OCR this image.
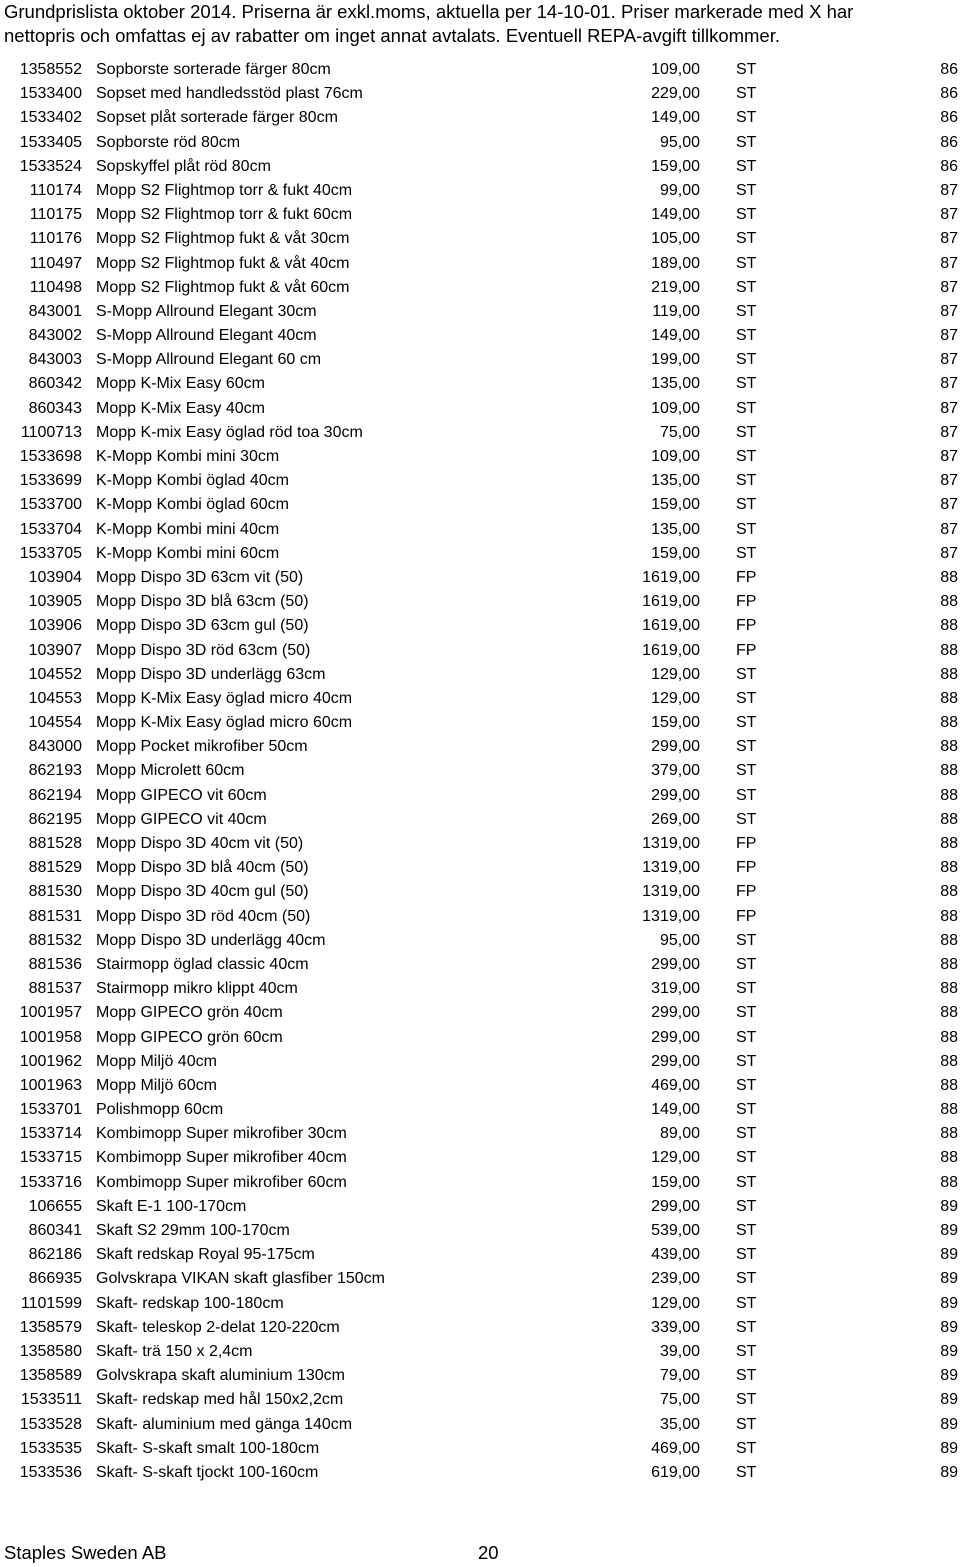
Grundprislista oktober 2014. Priserna är exkl.moms, aktuella per 14-10-01. Priser markerade med X har
nettopris och omfattas ej av rabatter om inget annat avtalats. Eventuell REPA-avgift tillkommer.
1358552 Sopborste sorterade färger 80cm	109,00 ST	86
1533400 Sopset med handledsstöd plast 76cm	229,00 ST	86
1533402 Sopset plåt sorterade färger 80cm	149,00 ST	86
1533405 Sopborste röd 80cm	95,00 ST	86
1533524 Sopskyffel plåt röd 80cm	159,00 ST	86
110174 Mopp S2 Flightmop torr & fukt 40cm	99,00 ST	87
110175 Mopp S2 Flightmop torr & fukt 60cm	149,00 ST	87
110176 Mopp S2 Flightmop fukt & våt 30cm	105,00 ST	87
110497 Mopp S2 Flightmop fukt & våt 40cm	189,00 ST	87
110498 Mopp S2 Flightmop fukt & våt 60cm	219,00 ST	87
843001 S-Mopp Allround Elegant 30cm	119,00 ST	87
843002 S-Mopp Allround Elegant 40cm	149,00 ST	87
843003 S-Mopp Allround Elegant 60 cm	199,00 ST	87
860342 Mopp K-Mix Easy 60cm	135,00 ST	87
860343 Mopp K-Mix Easy 40cm	109,00 ST	87
1100713 Mopp K-mix Easy öglad röd toa 30cm	75,00 ST	87
1533698 K-Mopp Kombi mini 30cm	109,00 ST	87
1533699 K-Mopp Kombi öglad 40cm	135,00 ST	87
1533700 K-Mopp Kombi öglad 60cm	159,00 ST	87
1533704 K-Mopp Kombi mini 40cm	135,00 ST	87
1533705 K-Mopp Kombi mini 60cm	159,00 ST	87
103904 Mopp Dispo 3D 63cm vit (50)	1619,00 FP	88
103905 Mopp Dispo 3D blå 63cm (50)	1619,00 FP	88
103906 Mopp Dispo 3D 63cm gul (50)	1619,00 FP	88
103907 Mopp Dispo 3D röd 63cm (50)	1619,00 FP	88
104552 Mopp Dispo 3D underlägg 63cm	129,00 ST	88
104553 Mopp K-Mix Easy öglad micro 40cm	129,00 ST	88
104554 Mopp K-Mix Easy öglad micro 60cm	159,00 ST	88
843000 Mopp Pocket mikrofiber 50cm	299,00 ST	88
862193 Mopp Microlett 60cm	379,00 ST	88
862194 Mopp GIPECO vit 60cm	299,00 ST	88
862195 Mopp GIPECO vit 40cm	269,00 ST	88
881528 Mopp Dispo 3D 40cm vit (50)	1319,00 FP	88
881529 Mopp Dispo 3D blå 40cm (50)	1319,00 FP	88
881530 Mopp Dispo 3D 40cm gul (50)	1319,00 FP	88
881531 Mopp Dispo 3D röd 40cm (50)	1319,00 FP	88
881532 Mopp Dispo 3D underlägg 40cm	95,00 ST	88
881536 Stairmopp öglad classic 40cm	299,00 ST	88
881537 Stairmopp mikro klippt 40cm	319,00 ST	88
1001957 Mopp GIPECO grön 40cm	299,00 ST	88
1001958 Mopp GIPECO grön 60cm	299,00 ST	88
1001962 Mopp Miljö 40cm	299,00 ST	88
1001963 Mopp Miljö 60cm	469,00 ST	88
1533701 Polishmopp 60cm	149,00 ST	88
1533714 Kombimopp Super mikrofiber 30cm	89,00 ST	88
1533715 Kombimopp Super mikrofiber 40cm	129,00 ST	88
1533716 Kombimopp Super mikrofiber 60cm	159,00 ST	88
106655 Skaft E-1 100-170cm	299,00 ST	89
860341 Skaft S2 29mm 100-170cm	539,00 ST	89
862186 Skaft redskap Royal 95-175cm	439,00 ST	89
866935 Golvskrapa VIKAN skaft glasfiber 150cm	239,00 ST	89
1101599 Skaft- redskap 100-180cm	129,00 ST	89
1358579 Skaft- teleskop 2-delat 120-220cm	339,00 ST	89
1358580 Skaft- trä 150 x 2,4cm	39,00 ST	89
1358589 Golvskrapa skaft aluminium 130cm	79,00 ST	89
1533511 Skaft- redskap med hål 150x2,2cm	75,00 ST	89
1533528 Skaft- aluminium med gänga 140cm	35,00 ST	89
1533535 Skaft- S-skaft smalt 100-180cm	469,00 ST	89
1533536 Skaft- S-skaft tjockt 100-160cm	619,00 ST	89
Staples Sweden AB	20
